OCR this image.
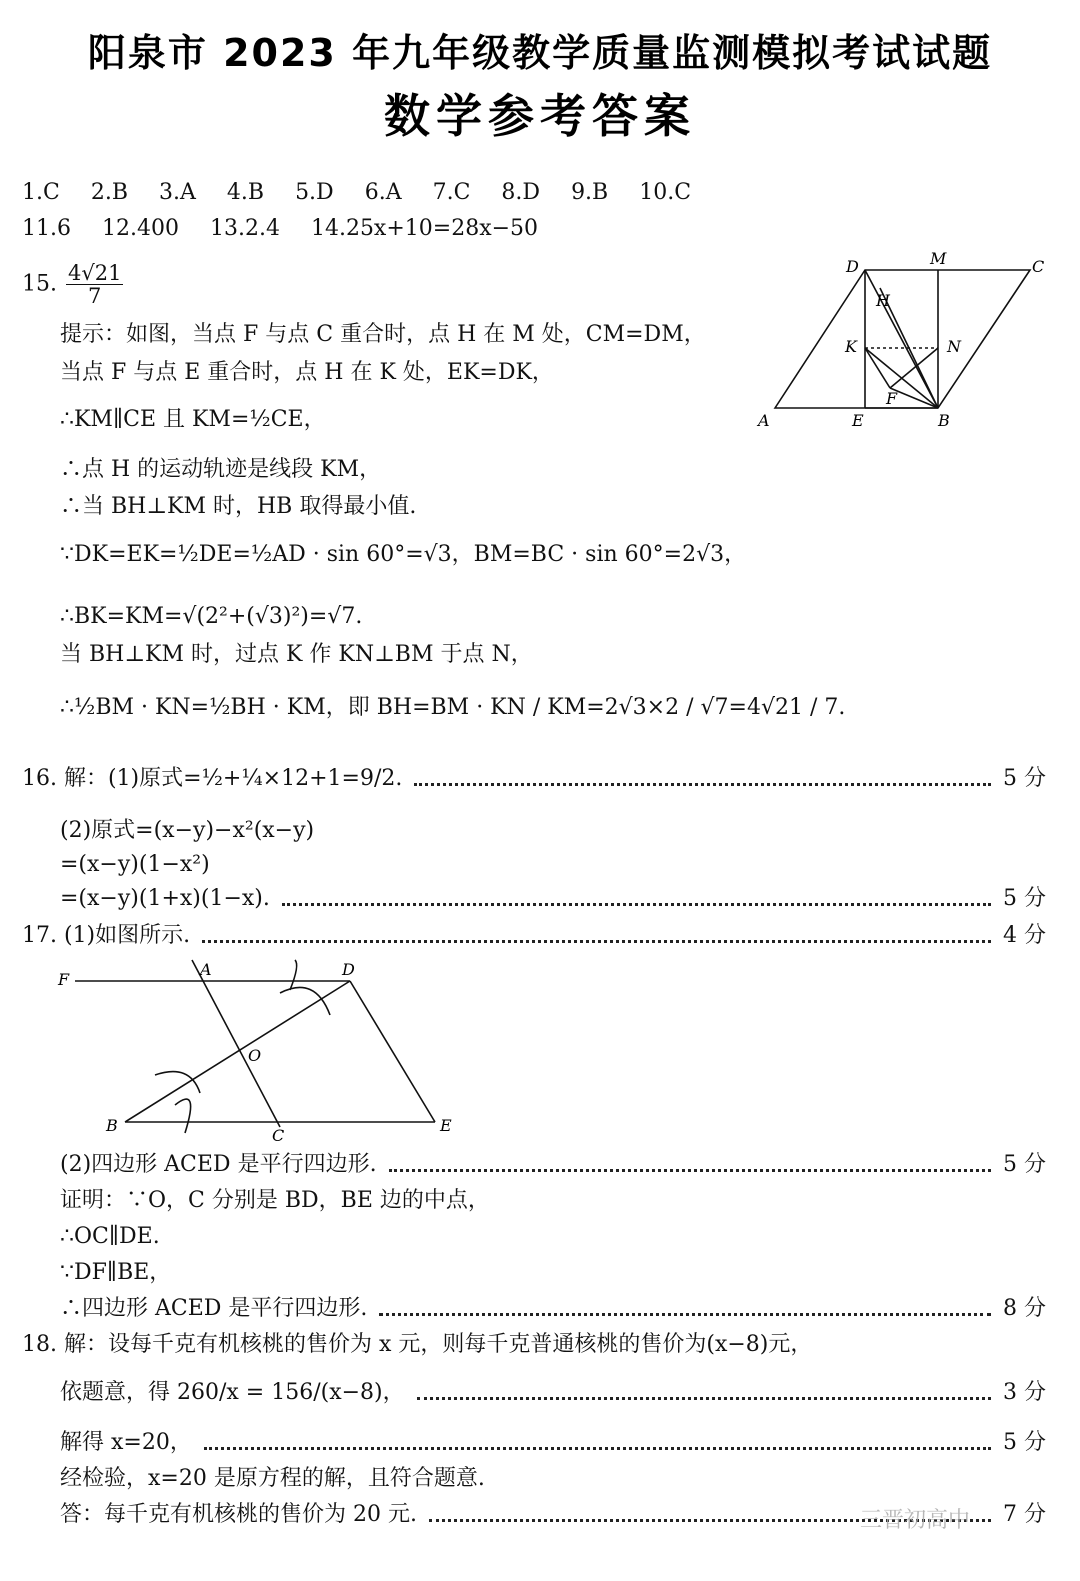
阳泉市 2023 年九年级教学质量监测模拟考试试题
数学参考答案
1.C 2.B 3.A 4.B 5.D 6.A 7.C 8.D 9.B 10.C
11.6 12.400 13.2.4 14.25x+10=28x−50
15. $\frac{4√21}{7}$
提示：如图，当点 F 与点 C 重合时，点 H 在 M 处，CM=DM，
当点 F 与点 E 重合时，点 H 在 K 处，EK=DK，
∴KM∥CE 且 KM=½CE，
∴点 H 的运动轨迹是线段 KM，
∴当 BH⊥KM 时，HB 取得最小值.
∵DK=EK=½DE=½AD · sin 60°=√3，BM=BC · sin 60°=2√3，
∴BK=KM=√(2²+(√3)²)=√7.
当 BH⊥KM 时，过点 K 作 KN⊥BM 于点 N，
∴½BM · KN=½BH · KM，即 BH=BM · KN / KM=2√3×2 / √7=4√21 / 7.
D	M	C
H
K	N
F
A	E	B
16. 解：(1)原式=½+¼×12+1=9/2.	5 分
(2)原式=(x−y)−x²(x−y)
=(x−y)(1−x²)
=(x−y)(1+x)(1−x).	5 分
17. (1)如图所示.	4 分
F
A	D
O
B
C
E
(2)四边形 ACED 是平行四边形.	5 分
证明：∵O，C 分别是 BD，BE 边的中点，
∴OC∥DE.
∵DF∥BE，
∴四边形 ACED 是平行四边形.	8 分
18. 解：设每千克有机核桃的售价为 x 元，则每千克普通核桃的售价为(x−8)元，
依题意，得 260/x = 156/(x−8)，	3 分
解得 x=20，	5 分
经检验，x=20 是原方程的解，且符合题意.
答：每千克有机核桃的售价为 20 元.	7 分
三晋初高中
